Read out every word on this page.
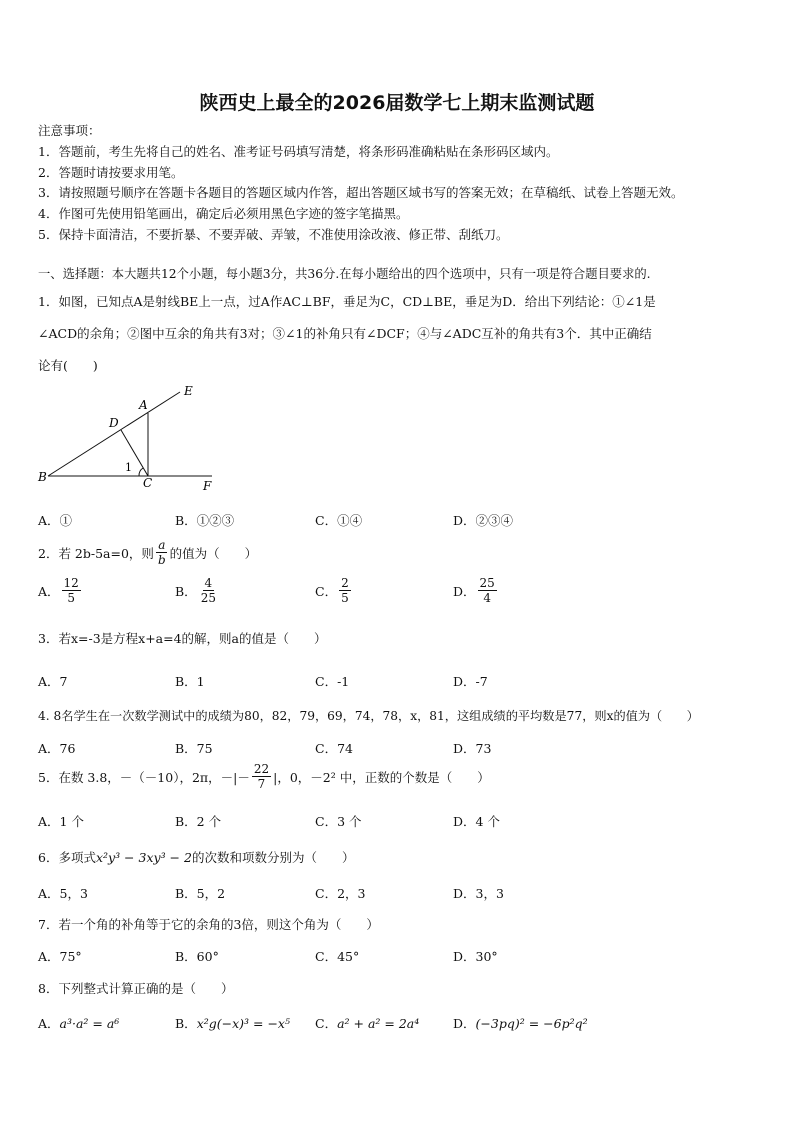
陕西史上最全的2026届数学七上期末监测试题
注意事项：
1．答题前，考生先将自己的姓名、准考证号码填写清楚，将条形码准确粘贴在条形码区域内。
2．答题时请按要求用笔。
3．请按照题号顺序在答题卡各题目的答题区域内作答，超出答题区域书写的答案无效；在草稿纸、试卷上答题无效。
4．作图可先使用铅笔画出，确定后必须用黑色字迹的签字笔描黑。
5．保持卡面清洁，不要折暴、不要弄破、弄皱，不准使用涂改液、修正带、刮纸刀。
一、选择题：本大题共12个小题，每小题3分，共36分.在每小题给出的四个选项中，只有一项是符合题目要求的.
1．如图，已知点A是射线BE上一点，过A作AC⊥BF，垂足为C，CD⊥BE，垂足为D．给出下列结论：①∠1是
∠ACD的余角；②图中互余的角共有3对；③∠1的补角只有∠DCF；④与∠ADC互补的角共有3个．其中正确结
论有(　　)
E
A
D
B	C	F
1
A．①	B．①②③	C．①④	D．②③④
2．若 2b-5a=0，则 $\frac{a}{b}$ 的值为（　　）
A． $\frac{12}{5}$	B． $\frac{4}{25}$	C． $\frac{2}{5}$	D． $\frac{25}{4}$
3．若x=-3是方程x+a=4的解，则a的值是（　　）
A．7	B．1	C．-1	D．-7
4. 8名学生在一次数学测试中的成绩为80，82，79，69，74，78，x，81，这组成绩的平均数是77，则x的值为（　　）
A．76	B．75	C．74	D．73
5．在数 3.8，－（－10），2π，－|－ $\frac{22}{7}$ |，0，－2² 中，正数的个数是（　　）
A．1 个	B．2 个	C．3 个	D．4 个
6．多项式x²y³ − 3xy³ − 2的次数和项数分别为（　　）
A．5，3	B．5，2	C．2，3	D．3，3
7．若一个角的补角等于它的余角的3倍，则这个角为（　　）
A．75°	B．60°	C．45°	D．30°
8．下列整式计算正确的是（　　）
A．a³·a² = a⁶	B．x²g(−x)³ = −x⁵ C．a² + a² = 2a⁴	D．(−3pq)² = −6p²q²
